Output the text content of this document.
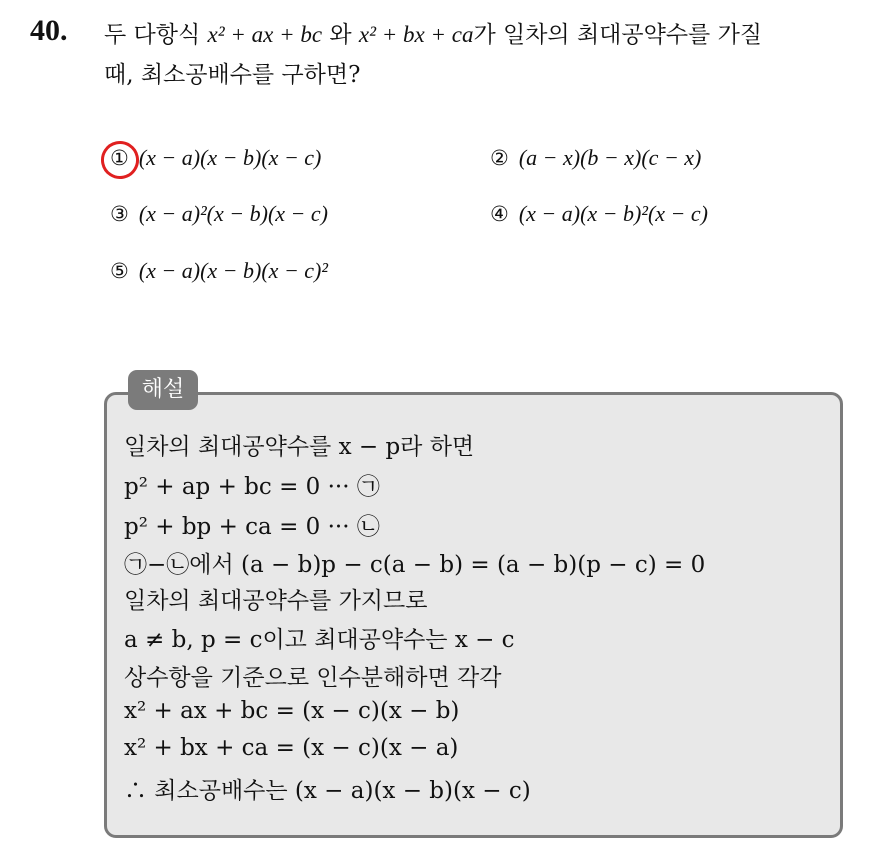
40. 두 다항식 x² + ax + bc 와 x² + bx + ca가 일차의 최대공약수를 가질
때, 최소공배수를 구하면?
① (x − a)(x − b)(x − c)	② (a − x)(b − x)(c − x)
③ (x − a)²(x − b)(x − c)	④ (x − a)(x − b)²(x − c)
⑤ (x − a)(x − b)(x − c)²
해설
일차의 최대공약수를 x − p라 하면
p² + ap + bc = 0 ··· ㉠
p² + bp + ca = 0 ··· ㉡
㉠−㉡에서 (a − b)p − c(a − b) = (a − b)(p − c) = 0
일차의 최대공약수를 가지므로
a ≠ b, p = c이고 최대공약수는 x − c
상수항을 기준으로 인수분해하면 각각
x² + ax + bc = (x − c)(x − b)
x² + bx + ca = (x − c)(x − a)
∴ 최소공배수는 (x − a)(x − b)(x − c)
